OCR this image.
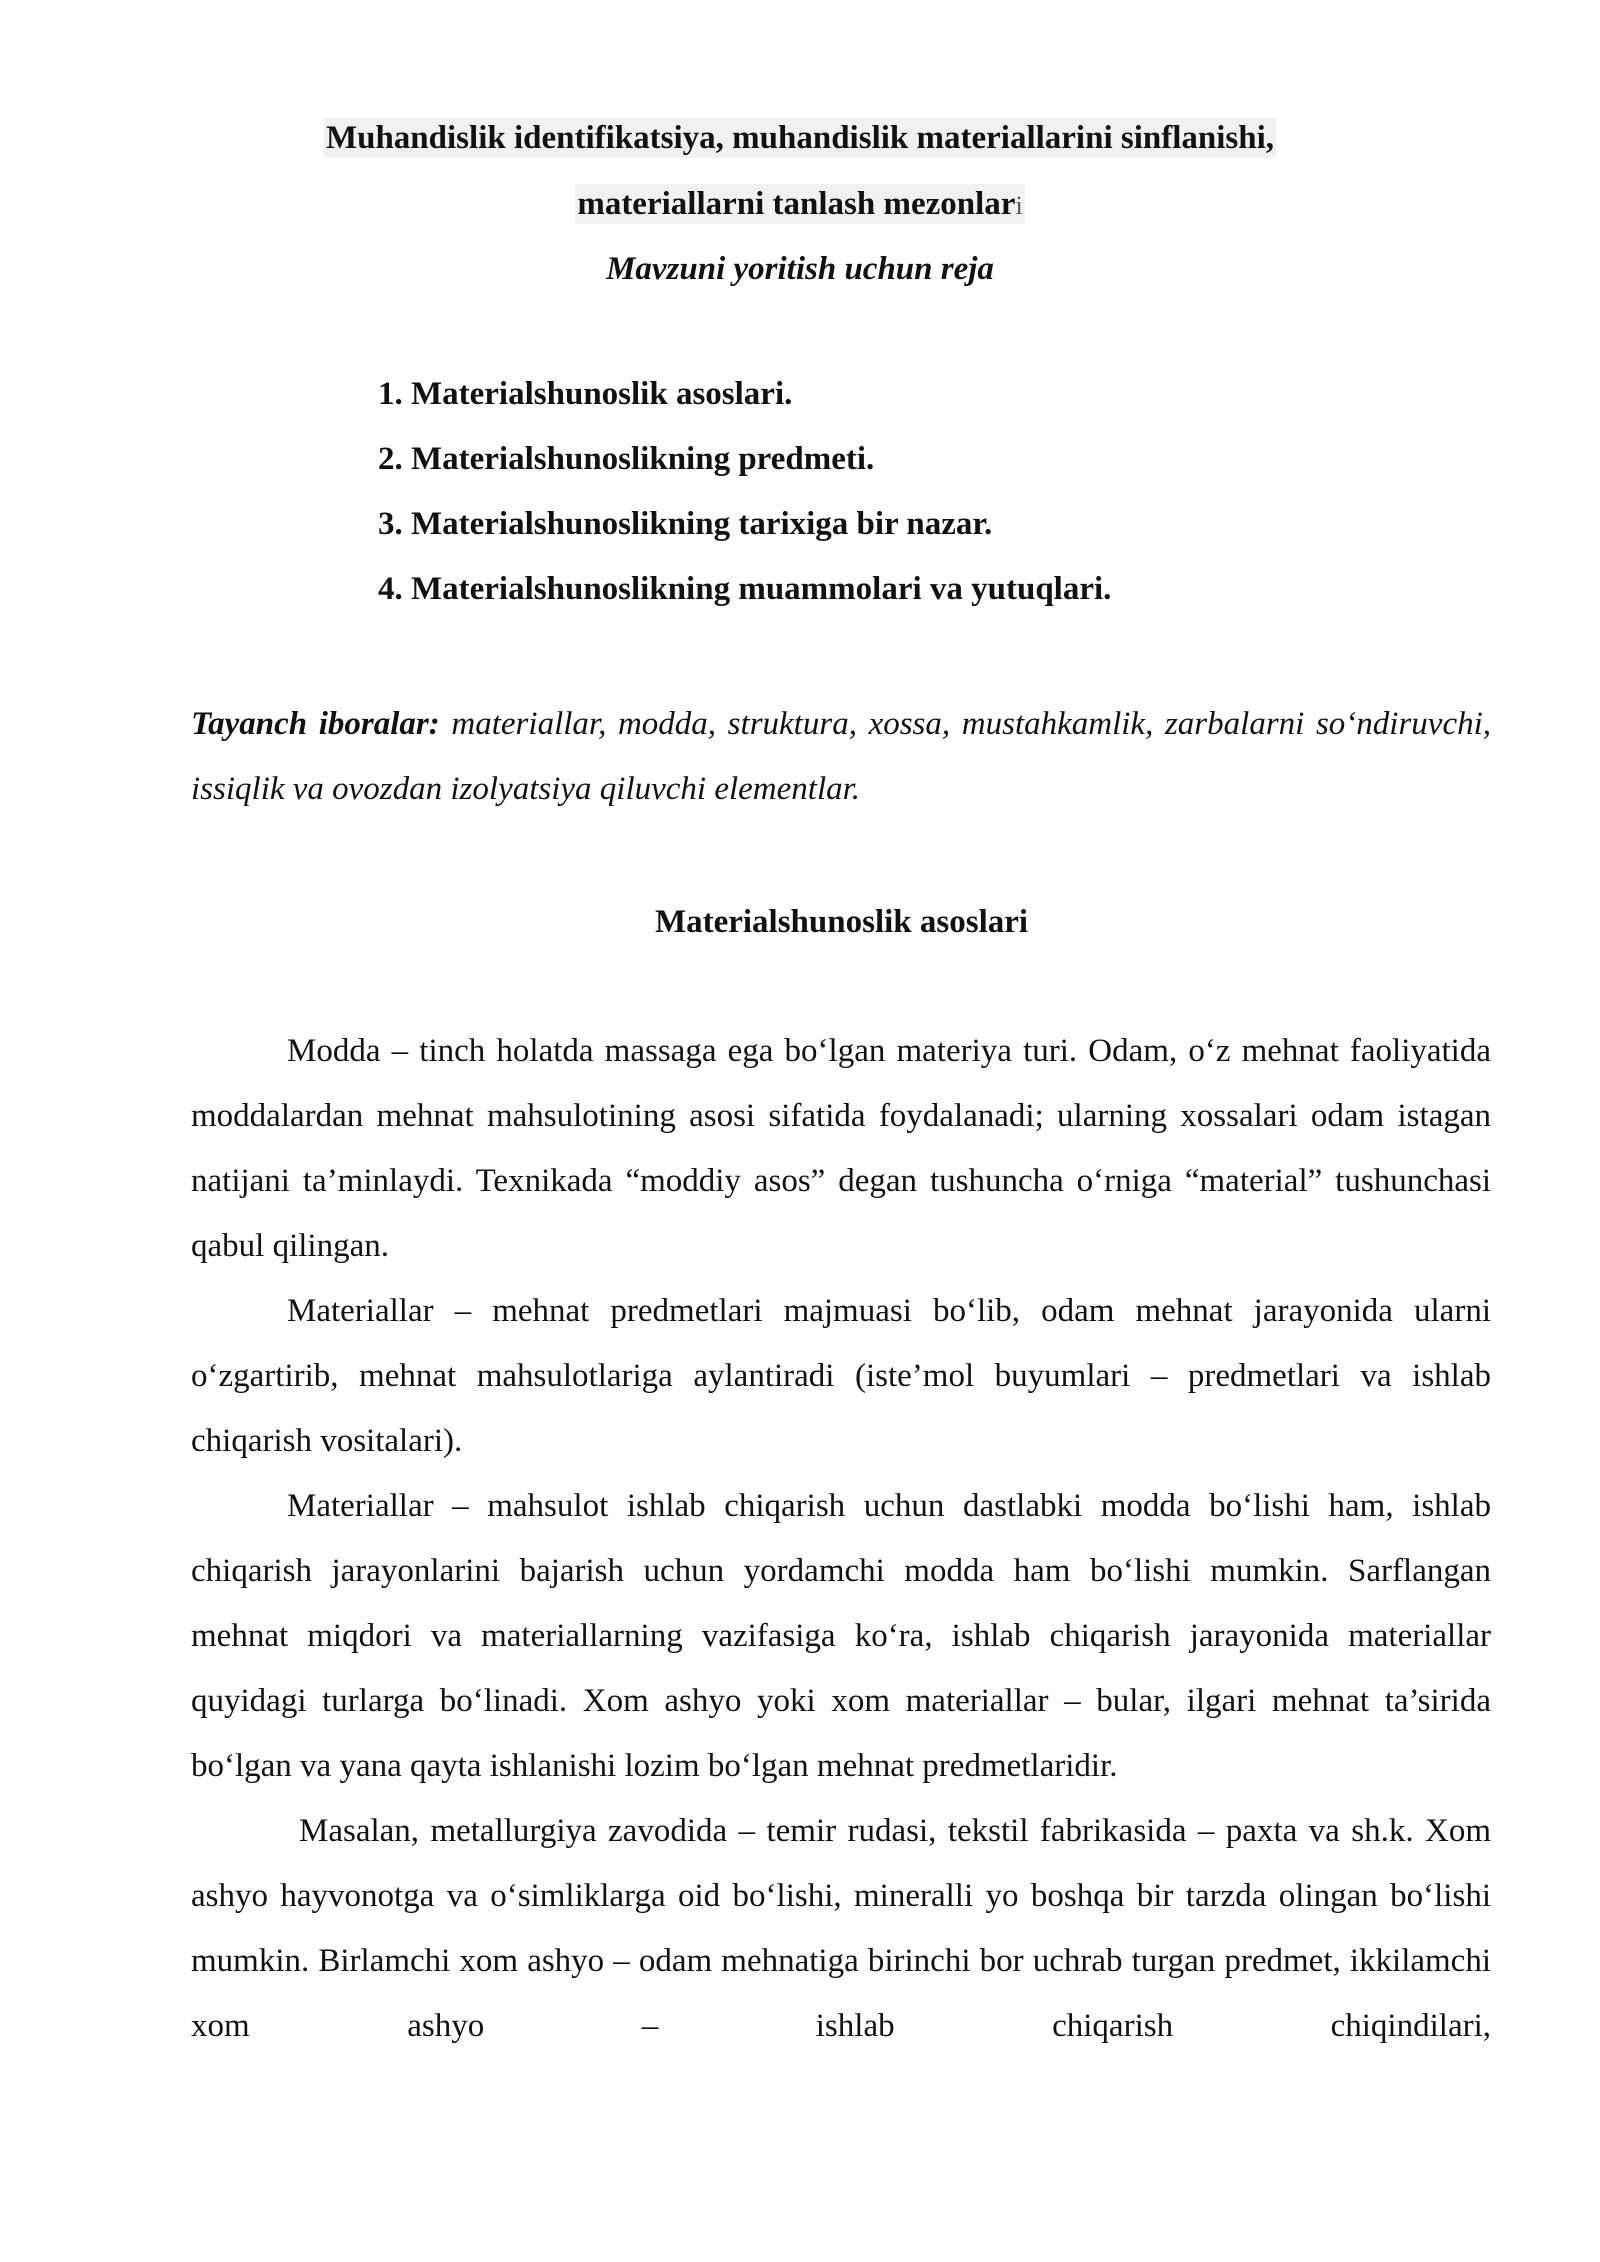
Muhandislik identifikatsiya, muhandislik materiallarini sinflanishi,
materiallarni tanlash mezonlari
Mavzuni yoritish uchun reja
1. Materialshunoslik asoslari.
2. Materialshunoslikning predmeti.
3. Materialshunoslikning tarixiga bir nazar.
4. Materialshunoslikning muammolari va yutuqlari.
Tayanch iboralar: materiallar, modda, struktura, xossa, mustahkamlik, zarbalarni so‘ndiruvchi, issiqlik va ovozdan izolyatsiya qiluvchi elementlar.
Materialshunoslik asoslari

Modda – tinch holatda massaga ega bo‘lgan materiya turi. Odam, o‘z mehnat faoliyatida moddalardan mehnat mahsulotining asosi sifatida foydalanadi; ularning xossalari odam istagan natijani ta’minlaydi. Texnikada “moddiy asos” degan tushuncha o‘rniga “material” tushunchasi qabul qilingan.

Materiallar – mehnat predmetlari majmuasi bo‘lib, odam mehnat jarayonida ularni o‘zgartirib, mehnat mahsulotlariga aylantiradi (iste’mol buyumlari – predmetlari va ishlab chiqarish vositalari).

Materiallar – mahsulot ishlab chiqarish uchun dastlabki modda bo‘lishi ham, ishlab chiqarish jarayonlarini bajarish uchun yordamchi modda ham bo‘lishi mumkin. Sarflangan mehnat miqdori va materiallarning vazifasiga ko‘ra, ishlab chiqarish jarayonida materiallar quyidagi turlarga bo‘linadi. Xom ashyo yoki xom materiallar – bular, ilgari mehnat ta’sirida bo‘lgan va yana qayta ishlanishi lozim bo‘lgan mehnat predmetlaridir.

Masalan, metallurgiya zavodida – temir rudasi, tekstil fabrikasida – paxta va sh.k. Xom ashyo hayvonotga va o‘simliklarga oid bo‘lishi, mineralli yo boshqa bir tarzda olingan bo‘lishi mumkin. Birlamchi xom ashyo – odam mehnatiga birinchi bor uchrab turgan predmet, ikkilamchi xom ashyo – ishlab chiqarish chiqindilari,
